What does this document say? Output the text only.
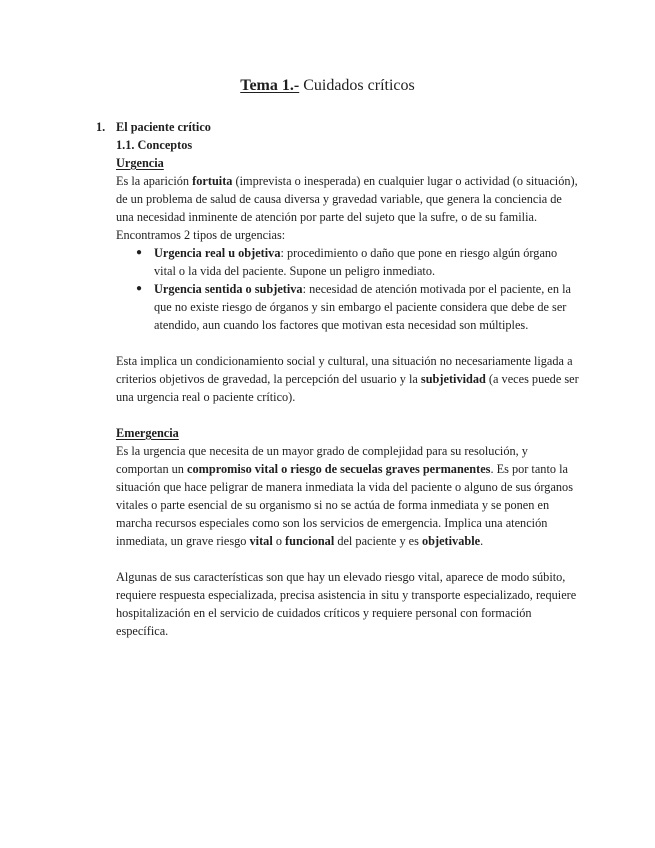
Tema 1.- Cuidados críticos
1. El paciente crítico
1.1. Conceptos
Urgencia

Es la aparición fortuita (imprevista o inesperada) en cualquier lugar o actividad (o situación), de un problema de salud de causa diversa y gravedad variable, que genera la conciencia de una necesidad inminente de atención por parte del sujeto que la sufre, o de su familia. Encontramos 2 tipos de urgencias:

● Urgencia real u objetiva: procedimiento o daño que pone en riesgo algún órgano vital o la vida del paciente. Supone un peligro inmediato.
● Urgencia sentida o subjetiva: necesidad de atención motivada por el paciente, en la que no existe riesgo de órganos y sin embargo el paciente considera que debe de ser atendido, aun cuando los factores que motivan esta necesidad son múltiples.

Esta implica un condicionamiento social y cultural, una situación no necesariamente ligada a criterios objetivos de gravedad, la percepción del usuario y la subjetividad (a veces puede ser una urgencia real o paciente crítico).

Emergencia

Es la urgencia que necesita de un mayor grado de complejidad para su resolución, y comportan un compromiso vital o riesgo de secuelas graves permanentes. Es por tanto la situación que hace peligrar de manera inmediata la vida del paciente o alguno de sus órganos vitales o parte esencial de su organismo si no se actúa de forma inmediata y se ponen en marcha recursos especiales como son los servicios de emergencia. Implica una atención inmediata, un grave riesgo vital o funcional del paciente y es objetivable.

Algunas de sus características son que hay un elevado riesgo vital, aparece de modo súbito, requiere respuesta especializada, precisa asistencia in situ y transporte especializado, requiere hospitalización en el servicio de cuidados críticos y requiere personal con formación específica.
